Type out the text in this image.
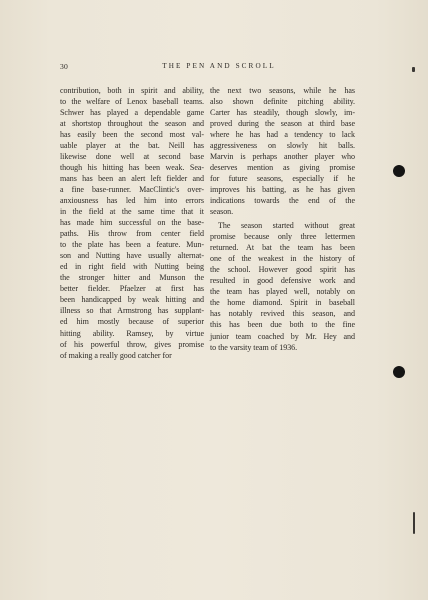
30	THE PEN AND SCROLL
contribution, both in spirit and ability,
to the welfare of Lenox baseball teams.
Schwer has played a dependable game
at shortstop throughout the season and
has easily been the second most val-
uable player at the bat. Neill has
likewise done well at second base
though his hitting has been weak. Sea-
mans has been an alert left fielder and
a fine base-runner. MacClintic's over-
anxiousness has led him into errors
in the field at the same time that it
has made him successful on the base-
paths. His throw from center field
to the plate has been a feature. Mun-
son and Nutting have usually alternat-
ed in right field with Nutting being
the stronger hitter and Munson the
better fielder. Pfaelzer at first has
been handicapped by weak hitting and
illness so that Armstrong has supplant-
ed him mostly because of superior
hitting ability. Ramsey, by virtue
of his powerful throw, gives promise
of making a really good catcher for
the next two seasons, while he has
also shown definite pitching ability.
Carter has steadily, though slowly, im-
proved during the season at third base
where he has had a tendency to lack
aggressiveness on slowly hit balls.
Marvin is perhaps another player who
deserves mention as giving promise
for future seasons, especially if he
improves his batting, as he has given
indications towards the end of the
season.
The season started without great
promise because only three lettermen
returned. At bat the team has been
one of the weakest in the history of
the school. However good spirit has
resulted in good defensive work and
the team has played well, notably on
the home diamond. Spirit in baseball
has notably revived this season, and
this has been due both to the fine
junior team coached by Mr. Hey and
to the varsity team of 1936.
